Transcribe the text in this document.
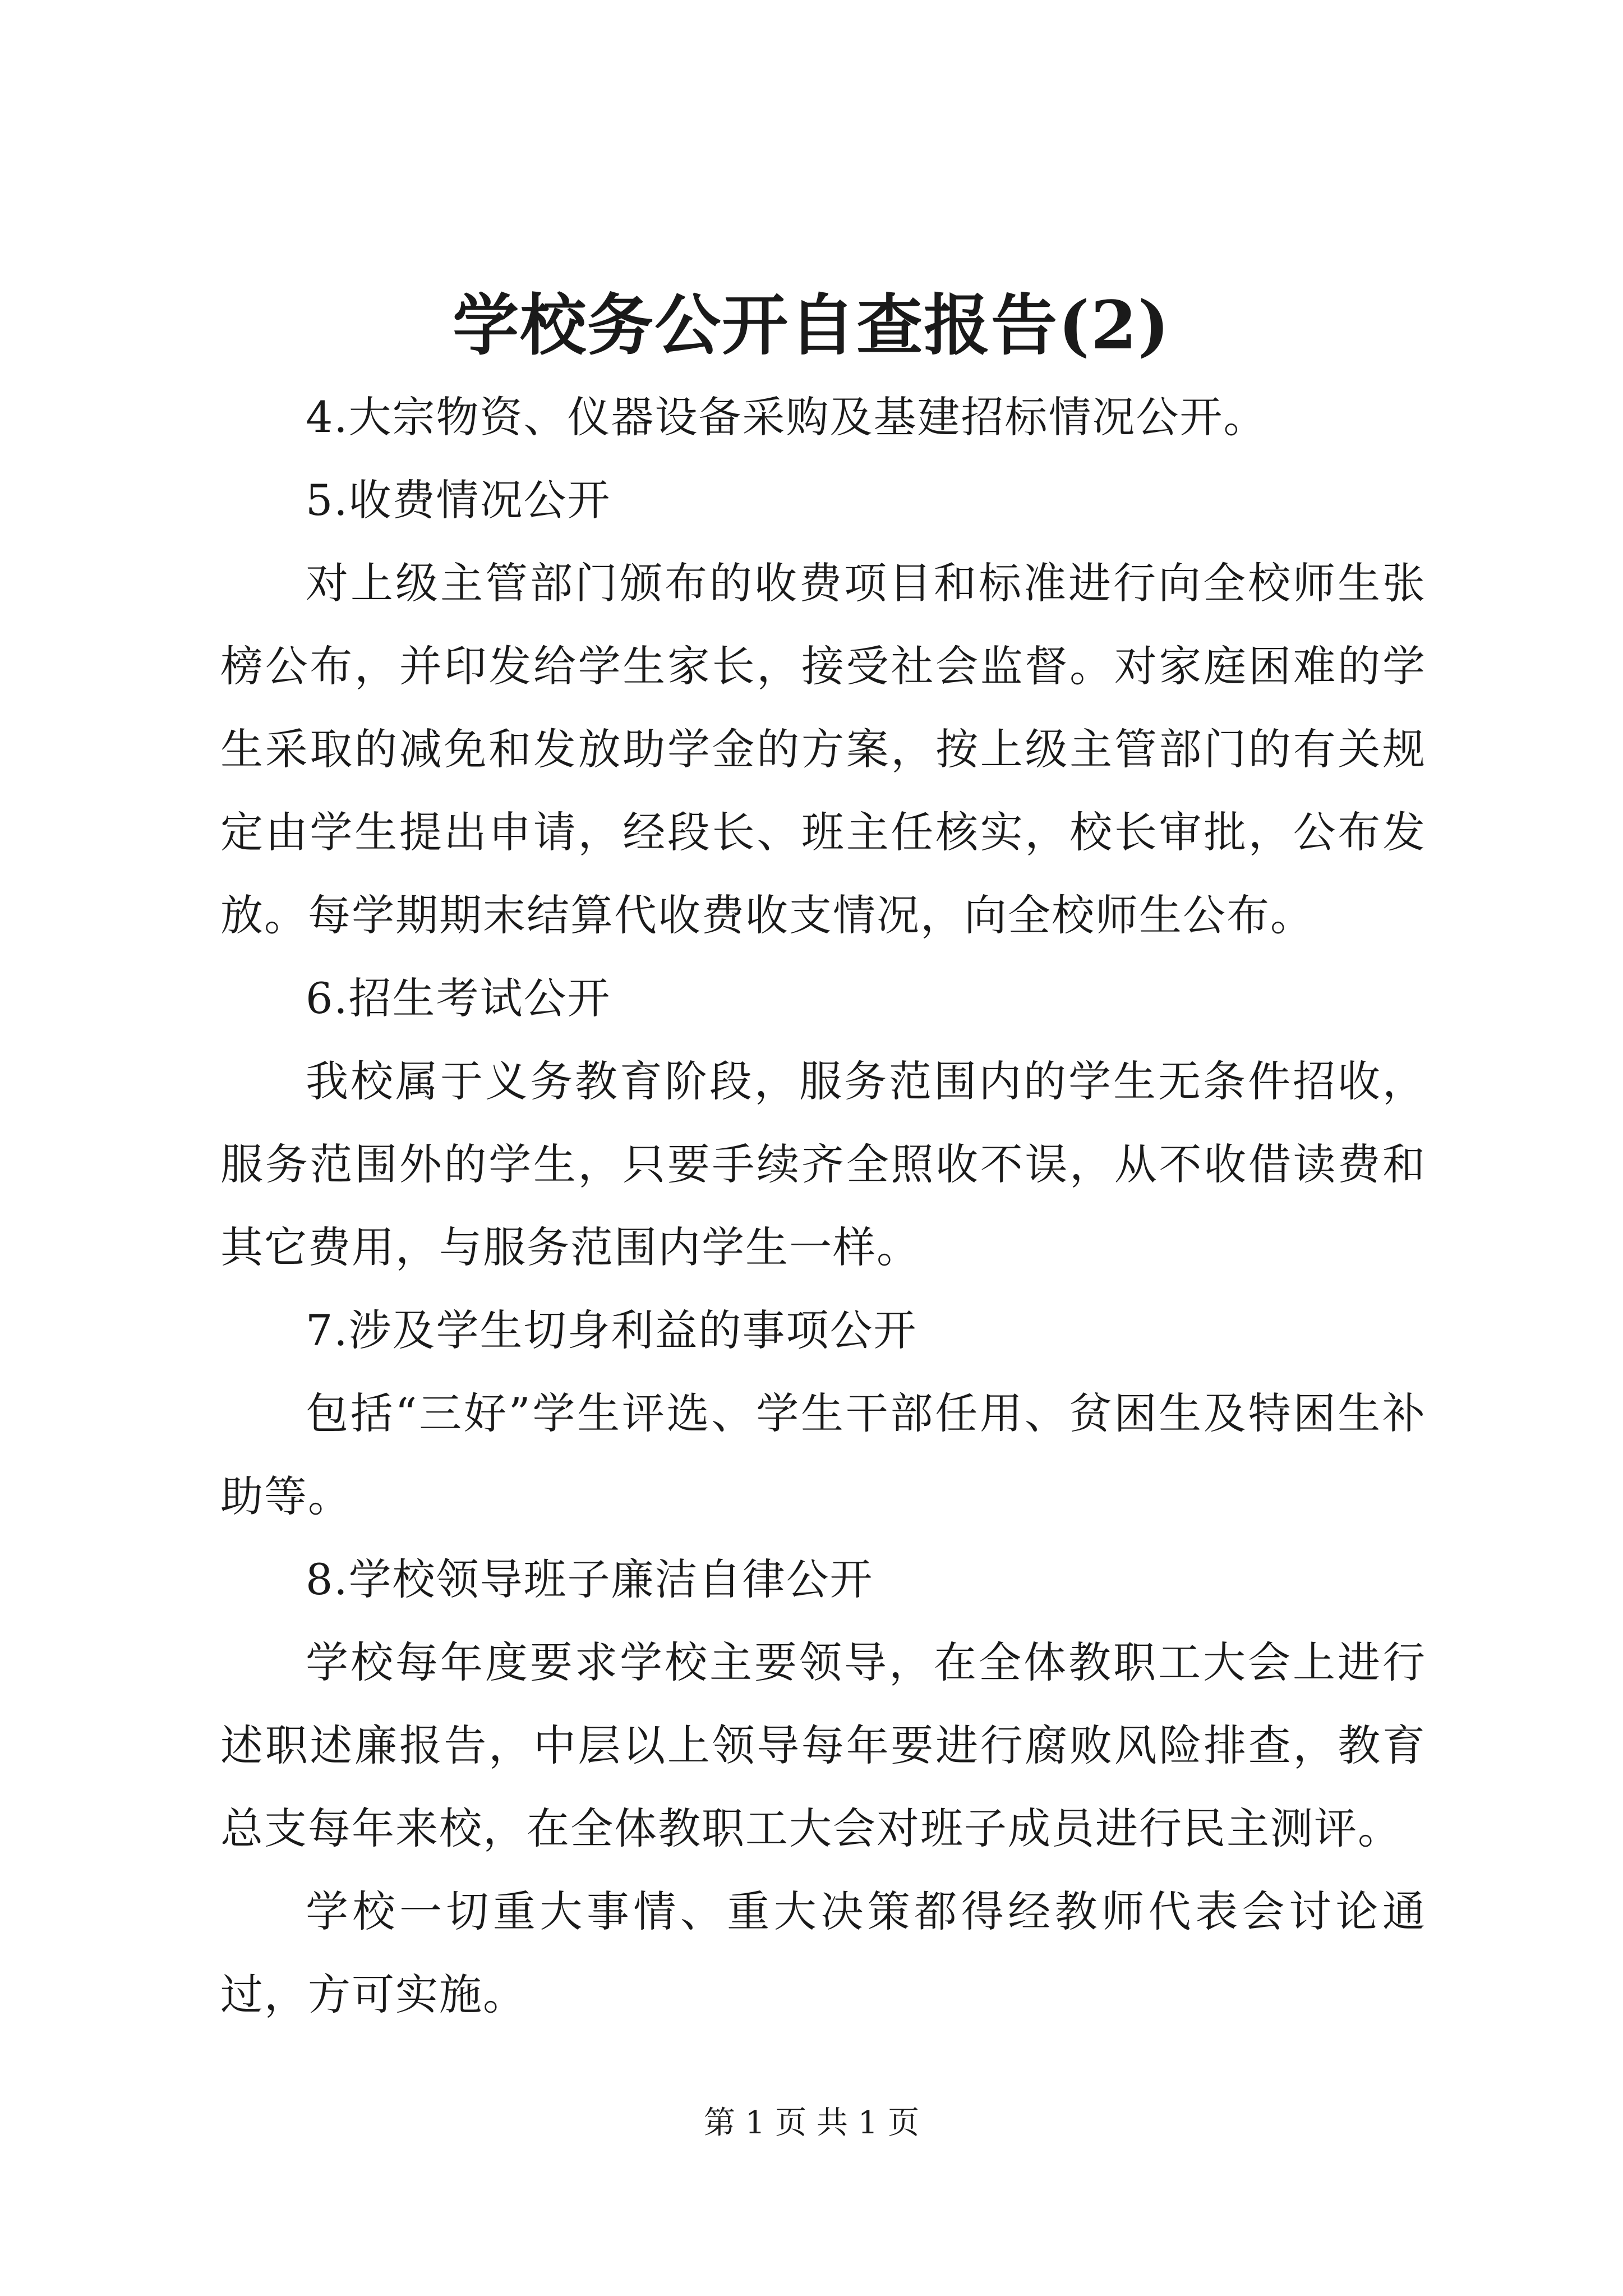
学校务公开自查报告(2)

4.大宗物资、仪器设备采购及基建招标情况公开。

5.收费情况公开

对上级主管部门颁布的收费项目和标准进行向全校师生张榜公布，并印发给学生家长，接受社会监督。对家庭困难的学生采取的减免和发放助学金的方案，按上级主管部门的有关规定由学生提出申请，经段长、班主任核实，校长审批，公布发放。每学期期末结算代收费收支情况，向全校师生公布。

6.招生考试公开

我校属于义务教育阶段，服务范围内的学生无条件招收，服务范围外的学生，只要手续齐全照收不误，从不收借读费和其它费用，与服务范围内学生一样。

7.涉及学生切身利益的事项公开

包括“三好”学生评选、学生干部任用、贫困生及特困生补助等。

8.学校领导班子廉洁自律公开

学校每年度要求学校主要领导，在全体教职工大会上进行述职述廉报告，中层以上领导每年要进行腐败风险排查，教育总支每年来校，在全体教职工大会对班子成员进行民主测评。

学校一切重大事情、重大决策都得经教师代表会讨论通过，方可实施。

第 1 页 共 1 页
